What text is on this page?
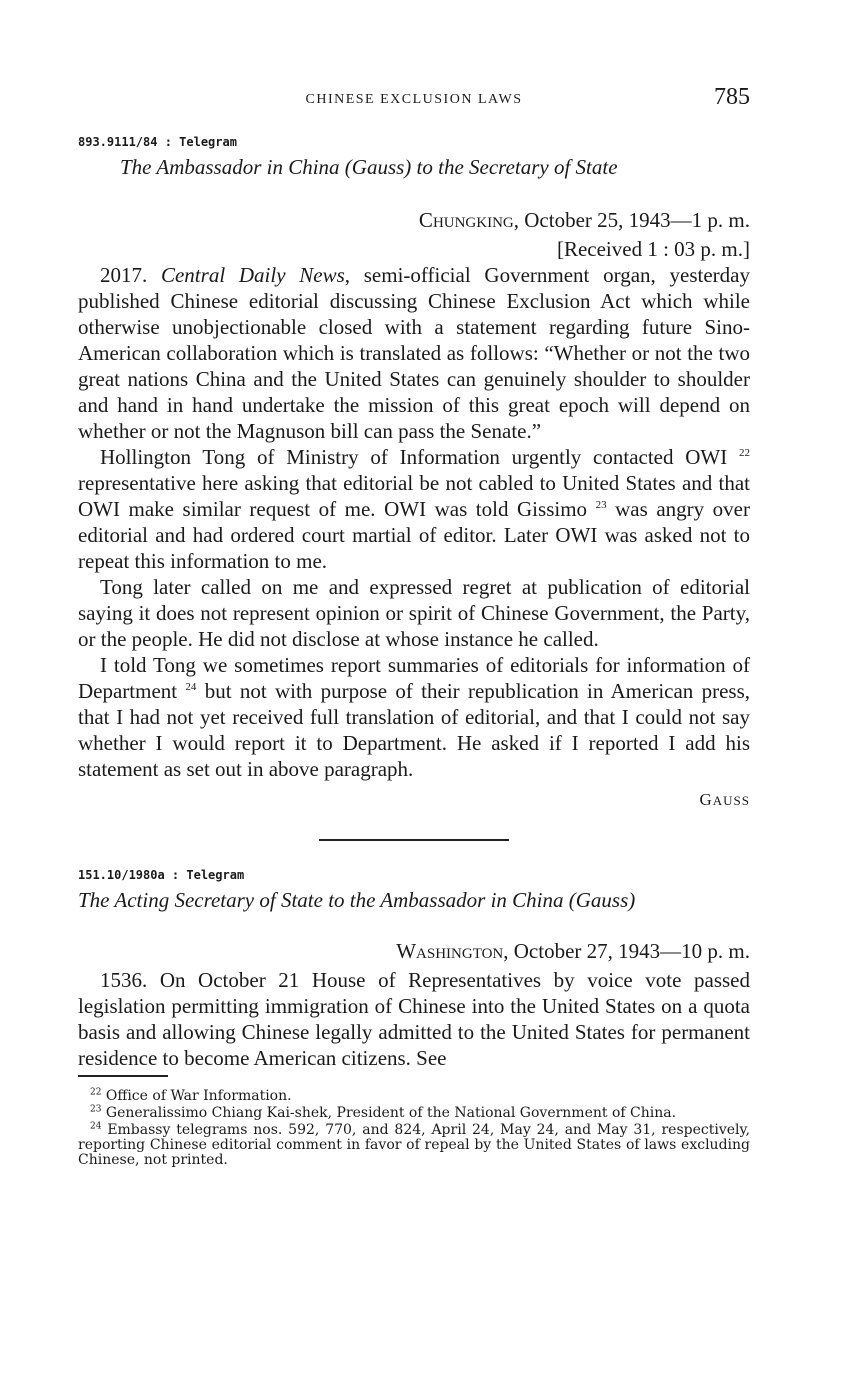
CHINESE EXCLUSION LAWS	785
893.9111/84 : Telegram
The Ambassador in China (Gauss) to the Secretary of State
CHUNGKING, October 25, 1943—1 p. m.
[Received 1 : 03 p. m.]

2017. Central Daily News, semi-official Government organ, yesterday published Chinese editorial discussing Chinese Exclusion Act which while otherwise unobjectionable closed with a statement regarding future Sino-American collaboration which is translated as follows: “Whether or not the two great nations China and the United States can genuinely shoulder to shoulder and hand in hand undertake the mission of this great epoch will depend on whether or not the Magnuson bill can pass the Senate.”

Hollington Tong of Ministry of Information urgently contacted OWI $^{22}$ representative here asking that editorial be not cabled to United States and that OWI make similar request of me. OWI was told Gissimo $^{23}$ was angry over editorial and had ordered court martial of editor. Later OWI was asked not to repeat this information to me.

Tong later called on me and expressed regret at publication of editorial saying it does not represent opinion or spirit of Chinese Government, the Party, or the people. He did not disclose at whose instance he called.

I told Tong we sometimes report summaries of editorials for information of Department $^{24}$ but not with purpose of their republication in American press, that I had not yet received full translation of editorial, and that I could not say whether I would report it to Department. He asked if I reported I add his statement as set out in above paragraph.

GAUSS
151.10/1980a : Telegram
The Acting Secretary of State to the Ambassador in China (Gauss)
WASHINGTON, October 27, 1943—10 p. m.

1536. On October 21 House of Representatives by voice vote passed legislation permitting immigration of Chinese into the United States on a quota basis and allowing Chinese legally admitted to the United States for permanent residence to become American citizens. See

$^{22}$ Office of War Information.

$^{23}$ Generalissimo Chiang Kai-shek, President of the National Government of China.

$^{24}$ Embassy telegrams nos. 592, 770, and 824, April 24, May 24, and May 31, respectively, reporting Chinese editorial comment in favor of repeal by the United States of laws excluding Chinese, not printed.
